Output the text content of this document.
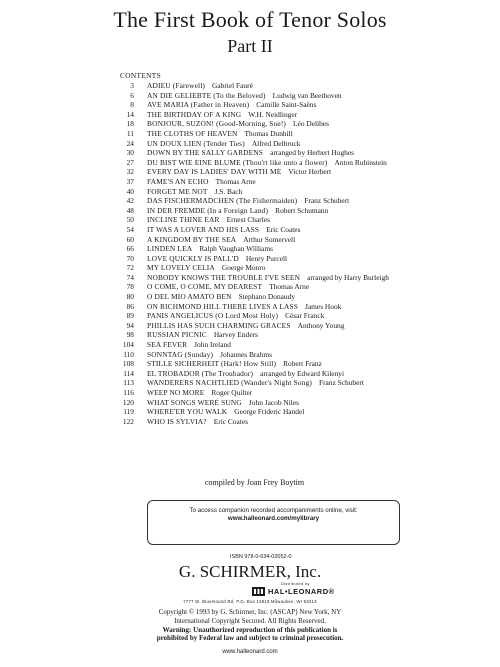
The First Book of Tenor Solos
Part II
CONTENTS
3 ADIEU (Farewell) Gabriel Fauré
6 AN DIE GELIEBTE (To the Beloved) Ludwig van Beethoven
8 AVE MARIA (Father in Heaven) Camille Saint-Saëns
14 THE BIRTHDAY OF A KING W.H. Neidlinger
18 BONJOUR, SUZON! (Good-Morning, Sue!) Léo Delibes
11 THE CLOTHS OF HEAVEN Thomas Dunhill
24 UN DOUX LIEN (Tender Ties) Alfred Delbruck
30 DOWN BY THE SALLY GARDENS arranged by Herbert Hughes
27 DU BIST WIE EINE BLUME (Thou'rt like unto a flower) Anton Rubinstein
32 EVERY DAY IS LADIES' DAY WITH ME Victor Herbert
37 FAME'S AN ECHO Thomas Arne
40 FORGET ME NOT J.S. Bach
42 DAS FISCHERMADCHEN (The Fishermaiden) Franz Schubert
48 IN DER FREMDE (In a Foreign Land) Robert Schumann
50 INCLINE THINE EAR Ernest Charles
54 IT WAS A LOVER AND HIS LASS Eric Coates
60 A KINGDOM BY THE SEA Arthur Somervell
66 LINDEN LEA Ralph Vaughan Williams
70 LOVE QUICKLY IS PALL'D Henry Purcell
72 MY LOVELY CELIA Goerge Monro
74 NOBODY KNOWS THE TROUBLE I'VE SEEN arranged by Harry Burleigh
78 O COME, O COME, MY DEAREST Thomas Arne
80 O DEL MIO AMATO BEN Stephano Donaudy
86 ON RICHMOND HILL THERE LIVES A LASS James Hook
89 PANIS ANGELICUS (O Lord Most Holy) César Franck
94 PHILLIS HAS SUCH CHARMING GRACES Anthony Young
98 RUSSIAN PICNIC Harvey Enders
104 SEA FEVER John Ireland
110 SONNTAG (Sunday) Johannes Brahms
108 STILLE SICHERHEIT (Hark! How Still) Robert Franz
114 EL TROBADOR (The Troubador) arranged by Edward Kilenyi
113 WANDERERS NACHTLIED (Wander's Night Song) Franz Schubert
116 WEEP NO MORE Roger Quilter
120 WHAT SONGS WERE SUNG John Jacob Niles
119 WHERE'ER YOU WALK George Frideric Handel
122 WHO IS SYLVIA? Eric Coates
compiled by Joan Frey Boytim
To access companion recorded accompaniments online, visit:
www.halleonard.com/mylibrary
ISBN 978-0-634-02052-0
G. SCHIRMER, Inc.
Distributed by
HAL•LEONARD®
7777 W. Bluemound Rd. P.O. Box 13819 Milwaukee, WI 53213
Copyright © 1993 by G. Schirmer, Inc. (ASCAP) New York, NY
International Copyright Secured. All Rights Reserved.
Warning: Unauthorized reproduction of this publication is
prohibited by Federal law and subject to criminal prosecution.
www.halleonard.com
